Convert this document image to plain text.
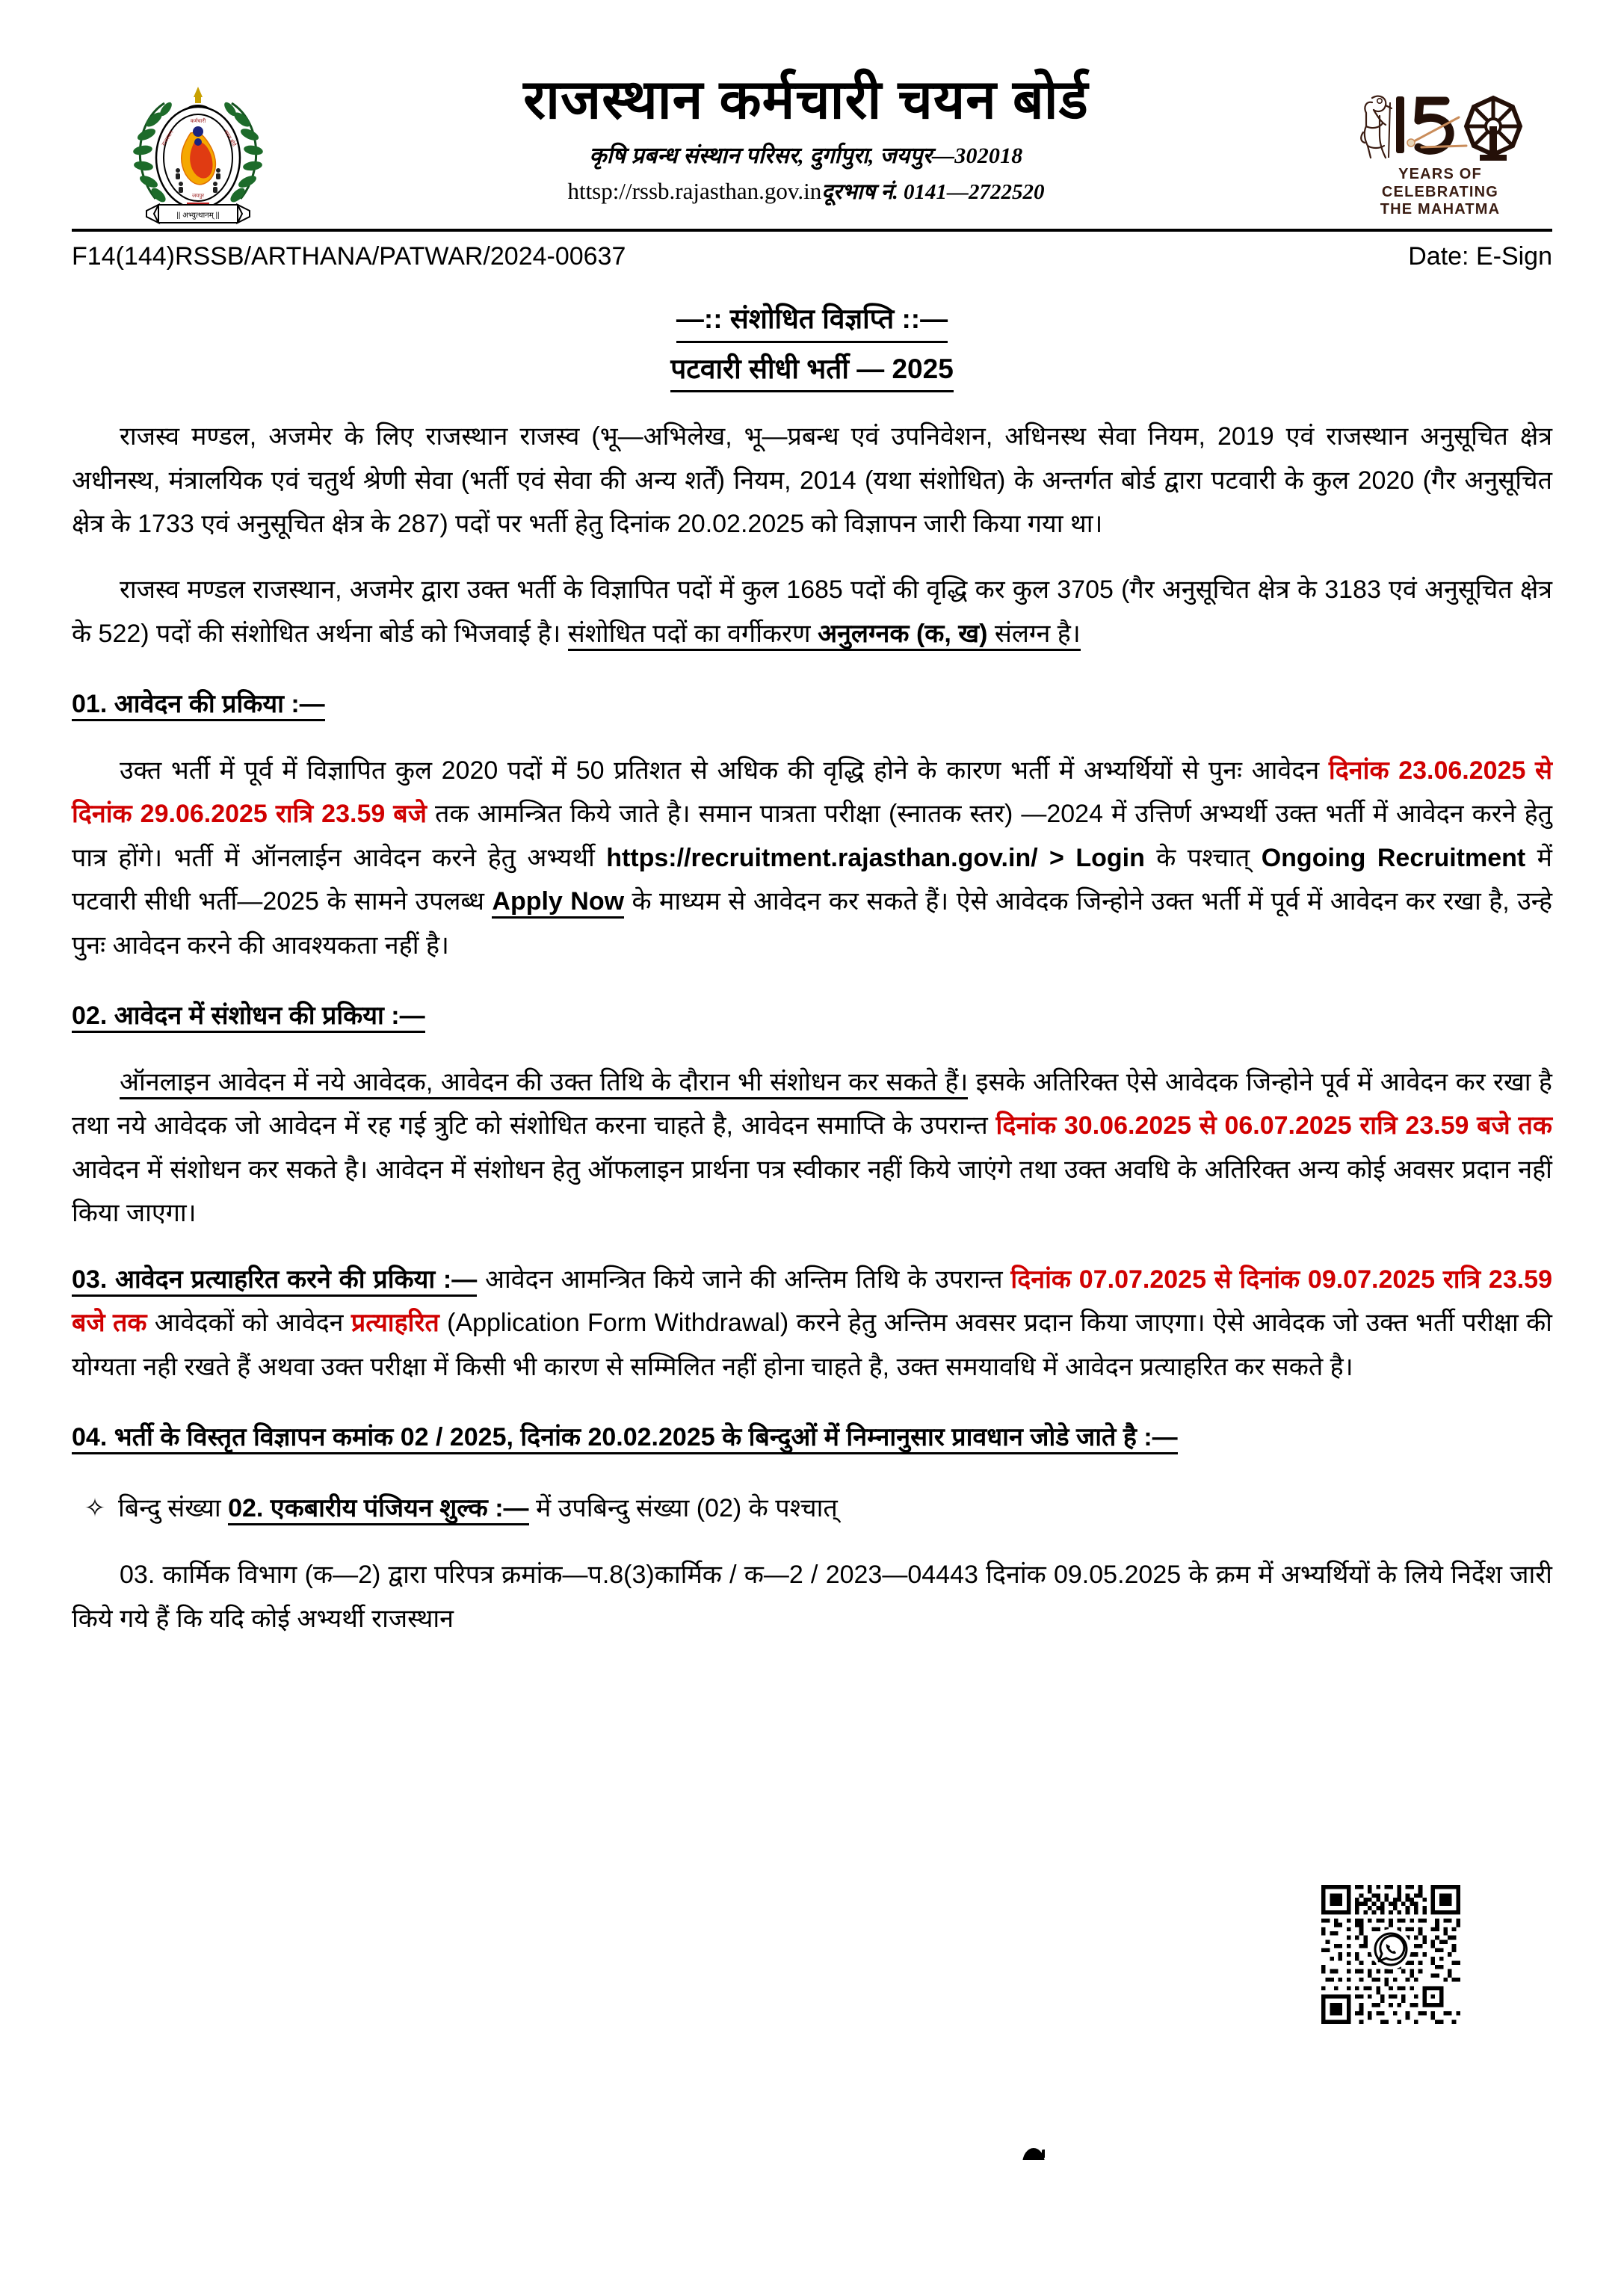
कर्मचारी
राजस्थान	चयन बोर्ड
जयपुर
|| अभ्युत्थानम् ||
राजस्थान कर्मचारी चयन बोर्ड
कृषि प्रबन्ध संस्थान परिसर, दुर्गापुरा, जयपुर—302018
httsp://rssb.rajasthan.gov.inदूरभाष नं. 0141—2722520
YEARS OF
CELEBRATING
THE MAHATMA
F14(144)RSSB/ARTHANA/PATWAR/2024-00637	Date: E-Sign
—:: संशोधित विज्ञप्ति ::—
पटवारी सीधी भर्ती — 2025

राजस्व मण्डल, अजमेर के लिए राजस्थान राजस्व (भू—अभिलेख, भू—प्रबन्ध एवं उपनिवेशन, अधिनस्थ सेवा नियम, 2019 एवं राजस्थान अनुसूचित क्षेत्र अधीनस्थ, मंत्रालयिक एवं चतुर्थ श्रेणी सेवा (भर्ती एवं सेवा की अन्य शर्तें) नियम, 2014 (यथा संशोधित) के अन्तर्गत बोर्ड द्वारा पटवारी के कुल 2020 (गैर अनुसूचित क्षेत्र के 1733 एवं अनुसूचित क्षेत्र के 287) पदों पर भर्ती हेतु दिनांक 20.02.2025 को विज्ञापन जारी किया गया था।

राजस्व मण्डल राजस्थान, अजमेर द्वारा उक्त भर्ती के विज्ञापित पदों में कुल 1685 पदों की वृद्धि कर कुल 3705 (गैर अनुसूचित क्षेत्र के 3183 एवं अनुसूचित क्षेत्र के 522) पदों की संशोधित अर्थना बोर्ड को भिजवाई है। संशोधित पदों का वर्गीकरण अनुलग्नक (क, ख) संलग्न है।

01. आवेदन की प्रकिया :—

उक्त भर्ती में पूर्व में विज्ञापित कुल 2020 पदों में 50 प्रतिशत से अधिक की वृद्धि होने के कारण भर्ती में अभ्यर्थियों से पुनः आवेदन दिनांक 23.06.2025 से दिनांक 29.06.2025 रात्रि 23.59 बजे तक आमन्त्रित किये जाते है। समान पात्रता परीक्षा (स्नातक स्तर) —2024 में उत्तिर्ण अभ्यर्थी उक्त भर्ती में आवेदन करने हेतु पात्र होंगे। भर्ती में ऑनलाईन आवेदन करने हेतु अभ्यर्थी https://recruitment.rajasthan.gov.in/ > Login के पश्चात् Ongoing Recruitment में पटवारी सीधी भर्ती—2025 के सामने उपलब्ध Apply Now के माध्यम से आवेदन कर सकते हैं। ऐसे आवेदक जिन्होने उक्त भर्ती में पूर्व में आवेदन कर रखा है, उन्हे पुनः आवेदन करने की आवश्यकता नहीं है।

02. आवेदन में संशोधन की प्रकिया :—

ऑनलाइन आवेदन में नये आवेदक, आवेदन की उक्त तिथि के दौरान भी संशोधन कर सकते हैं। इसके अतिरिक्त ऐसे आवेदक जिन्होने पूर्व में आवेदन कर रखा है तथा नये आवेदक जो आवेदन में रह गई त्रुटि को संशोधित करना चाहते है, आवेदन समाप्ति के उपरान्त दिनांक 30.06.2025 से 06.07.2025 रात्रि 23.59 बजे तक आवेदन में संशोधन कर सकते है। आवेदन में संशोधन हेतु ऑफलाइन प्रार्थना पत्र स्वीकार नहीं किये जाएंगे तथा उक्त अवधि के अतिरिक्त अन्य कोई अवसर प्रदान नहीं किया जाएगा।

03. आवेदन प्रत्याहरित करने की प्रकिया :— आवेदन आमन्त्रित किये जाने की अन्तिम तिथि के उपरान्त दिनांक 07.07.2025 से दिनांक 09.07.2025 रात्रि 23.59 बजे तक आवेदकों को आवेदन प्रत्याहरित (Application Form Withdrawal) करने हेतु अन्तिम अवसर प्रदान किया जाएगा। ऐसे आवेदक जो उक्त भर्ती परीक्षा की योग्यता नही रखते हैं अथवा उक्त परीक्षा में किसी भी कारण से सम्मिलित नहीं होना चाहते है, उक्त समयावधि में आवेदन प्रत्याहरित कर सकते है।

04. भर्ती के विस्तृत विज्ञापन कमांक 02 / 2025, दिनांक 20.02.2025 के बिन्दुओं में निम्नानुसार प्रावधान जोडे जाते है :—
✧ बिन्दु संख्या 02. एकबारीय पंजियन शुल्क :— में उपबिन्दु संख्या (02) के पश्चात्

03. कार्मिक विभाग (क—2) द्वारा परिपत्र क्रमांक—प.8(3)कार्मिक / क—2 / 2023—04443 दिनांक 09.05.2025 के क्रम में अभ्यर्थियों के लिये निर्देश जारी किये गये हैं कि यदि कोई अभ्यर्थी राजस्थान
